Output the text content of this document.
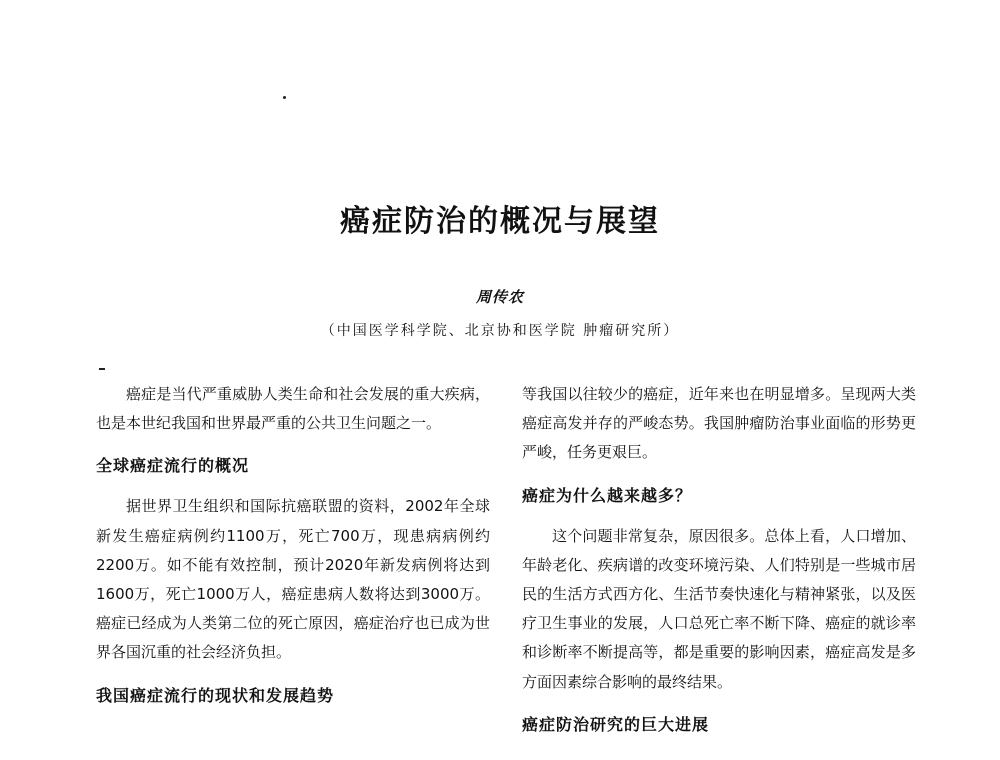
癌症防治的概况与展望
周传农
（中国医学科学院、北京协和医学院 肿瘤研究所）

癌症是当代严重威胁人类生命和社会发展的重大疾病，也是本世纪我国和世界最严重的公共卫生问题之一。

全球癌症流行的概况

据世界卫生组织和国际抗癌联盟的资料，2002年全球新发生癌症病例约1100万，死亡700万，现患病病例约2200万。如不能有效控制，预计2020年新发病例将达到1600万，死亡1000万人，癌症患病人数将达到3000万。癌症已经成为人类第二位的死亡原因，癌症治疗也已成为世界各国沉重的社会经济负担。

我国癌症流行的现状和发展趋势

等我国以往较少的癌症，近年来也在明显增多。呈现两大类癌症高发并存的严峻态势。我国肿瘤防治事业面临的形势更严峻，任务更艰巨。

癌症为什么越来越多？

这个问题非常复杂，原因很多。总体上看，人口增加、年龄老化、疾病谱的改变环境污染、人们特别是一些城市居民的生活方式西方化、生活节奏快速化与精神紧张，以及医疗卫生事业的发展，人口总死亡率不断下降、癌症的就诊率和诊断率不断提高等，都是重要的影响因素，癌症高发是多方面因素综合影响的最终结果。

癌症防治研究的巨大进展
